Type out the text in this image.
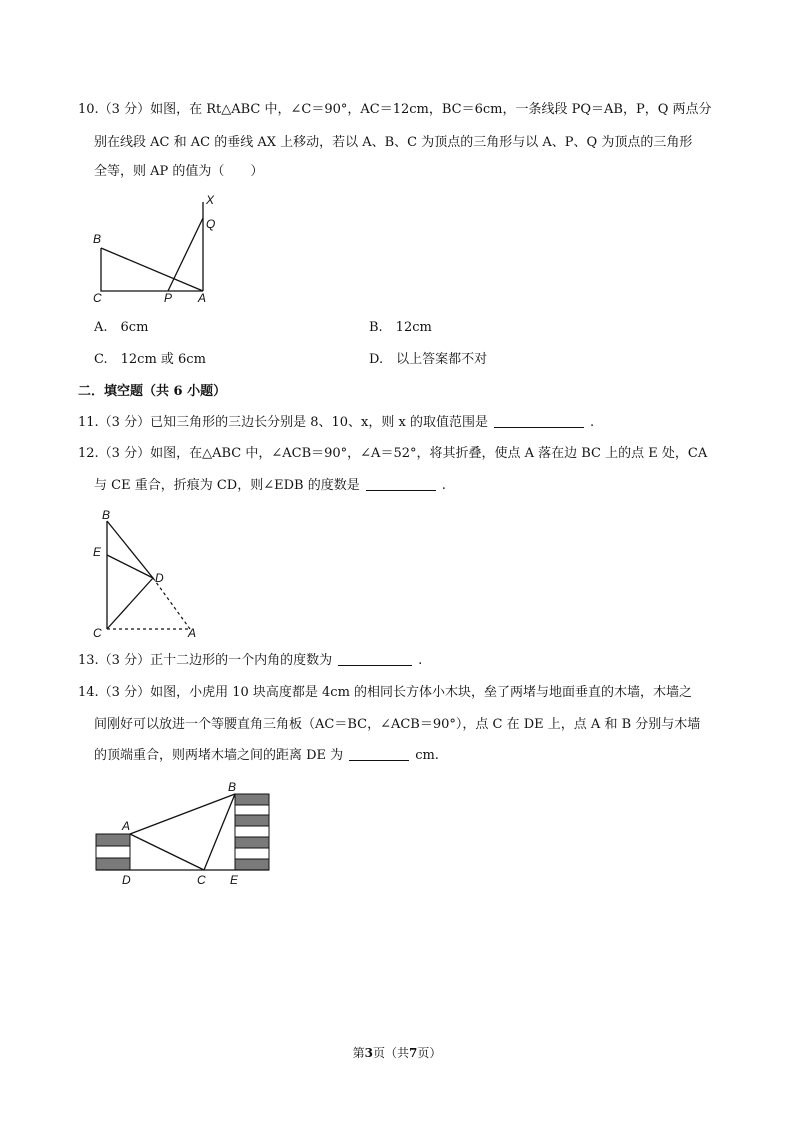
10.（3 分）如图，在 Rt△ABC 中，∠C＝90°，AC＝12cm，BC＝6cm，一条线段 PQ＝AB，P，Q 两点分
别在线段 AC 和 AC 的垂线 AX 上移动，若以 A、B、C 为顶点的三角形与以 A、P、Q 为顶点的三角形
全等，则 AP 的值为（　　）
X
Q
B
C	P A
A.　6cm	B.　12cm
C.　12cm 或 6cm	D.　以上答案都不对
二．填空题（共 6 小题）
11.（3 分）已知三角形的三边长分别是 8、10、x，则 x 的取值范围是	.
12.（3 分）如图，在△ABC 中，∠ACB＝90°，∠A＝52°，将其折叠，使点 A 落在边 BC 上的点 E 处，CA
与 CE 重合，折痕为 CD，则∠EDB 的度数是	.
B
E
D
C	A
13.（3 分）正十二边形的一个内角的度数为	.
14.（3 分）如图，小虎用 10 块高度都是 4cm 的相同长方体小木块，垒了两堵与地面垂直的木墙，木墙之
间刚好可以放进一个等腰直角三角板（AC＝BC，∠ACB＝90°），点 C 在 DE 上，点 A 和 B 分别与木墙
的顶端重合，则两堵木墙之间的距离 DE 为	cm.
A
B
D	C E
第3页（共7页）
